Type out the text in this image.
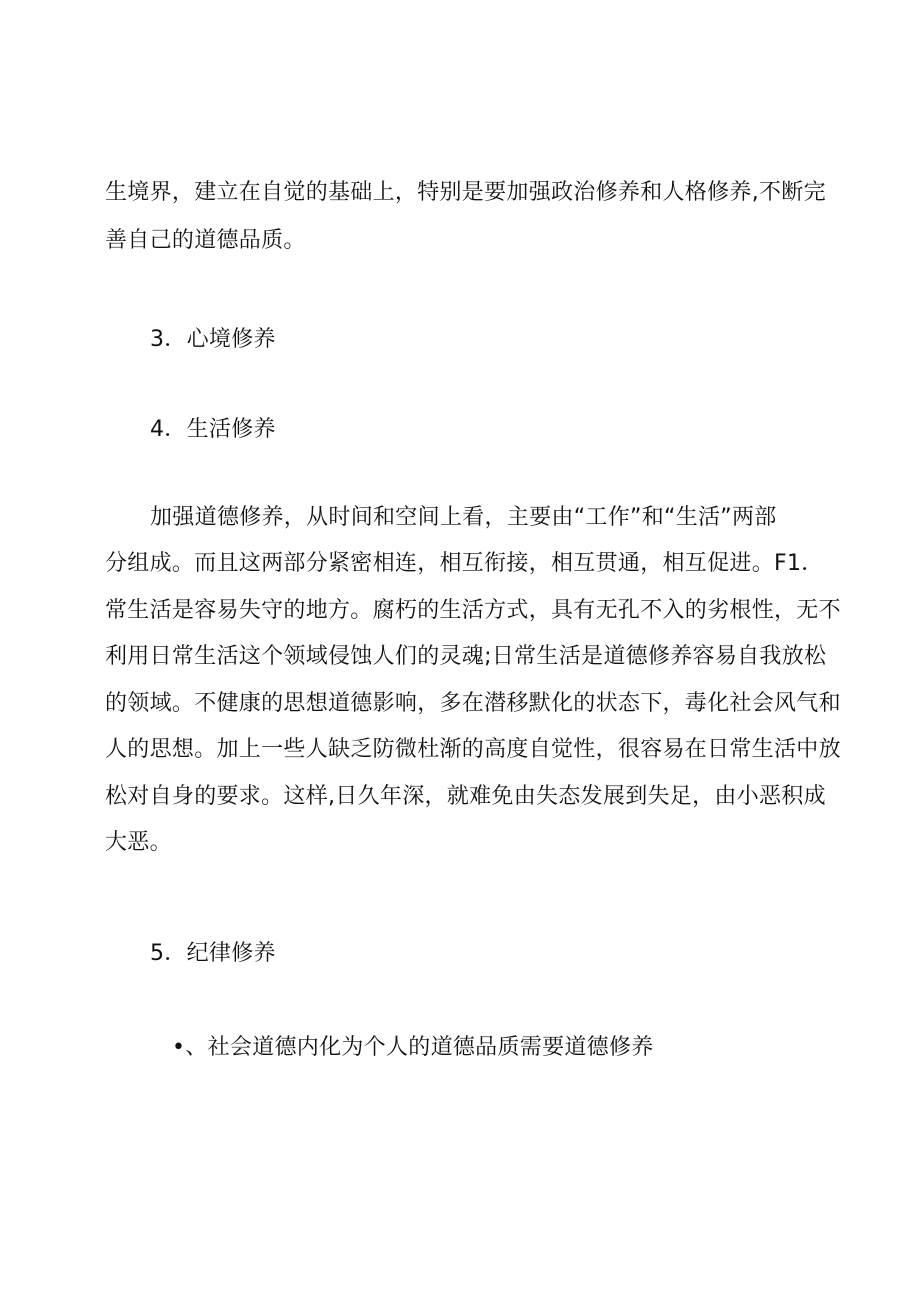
生境界，建立在自觉的基础上，特别是要加强政治修养和人格修养,不断完
善自己的道德品质。
3．心境修养
4．生活修养
加强道德修养，从时间和空间上看，主要由“工作”和“生活”两部
分组成。而且这两部分紧密相连，相互衔接，相互贯通，相互促进。F1．
常生活是容易失守的地方。腐朽的生活方式，具有无孔不入的劣根性，无不
利用日常生活这个领域侵蚀人们的灵魂;日常生活是道德修养容易自我放松
的领域。不健康的思想道德影响，多在潜移默化的状态下，毒化社会风气和
人的思想。加上一些人缺乏防微杜渐的高度自觉性，很容易在日常生活中放
松对自身的要求。这样,日久年深，就难免由失态发展到失足，由小恶积成
大恶。
5．纪律修养
•、社会道德内化为个人的道德品质需要道德修养
